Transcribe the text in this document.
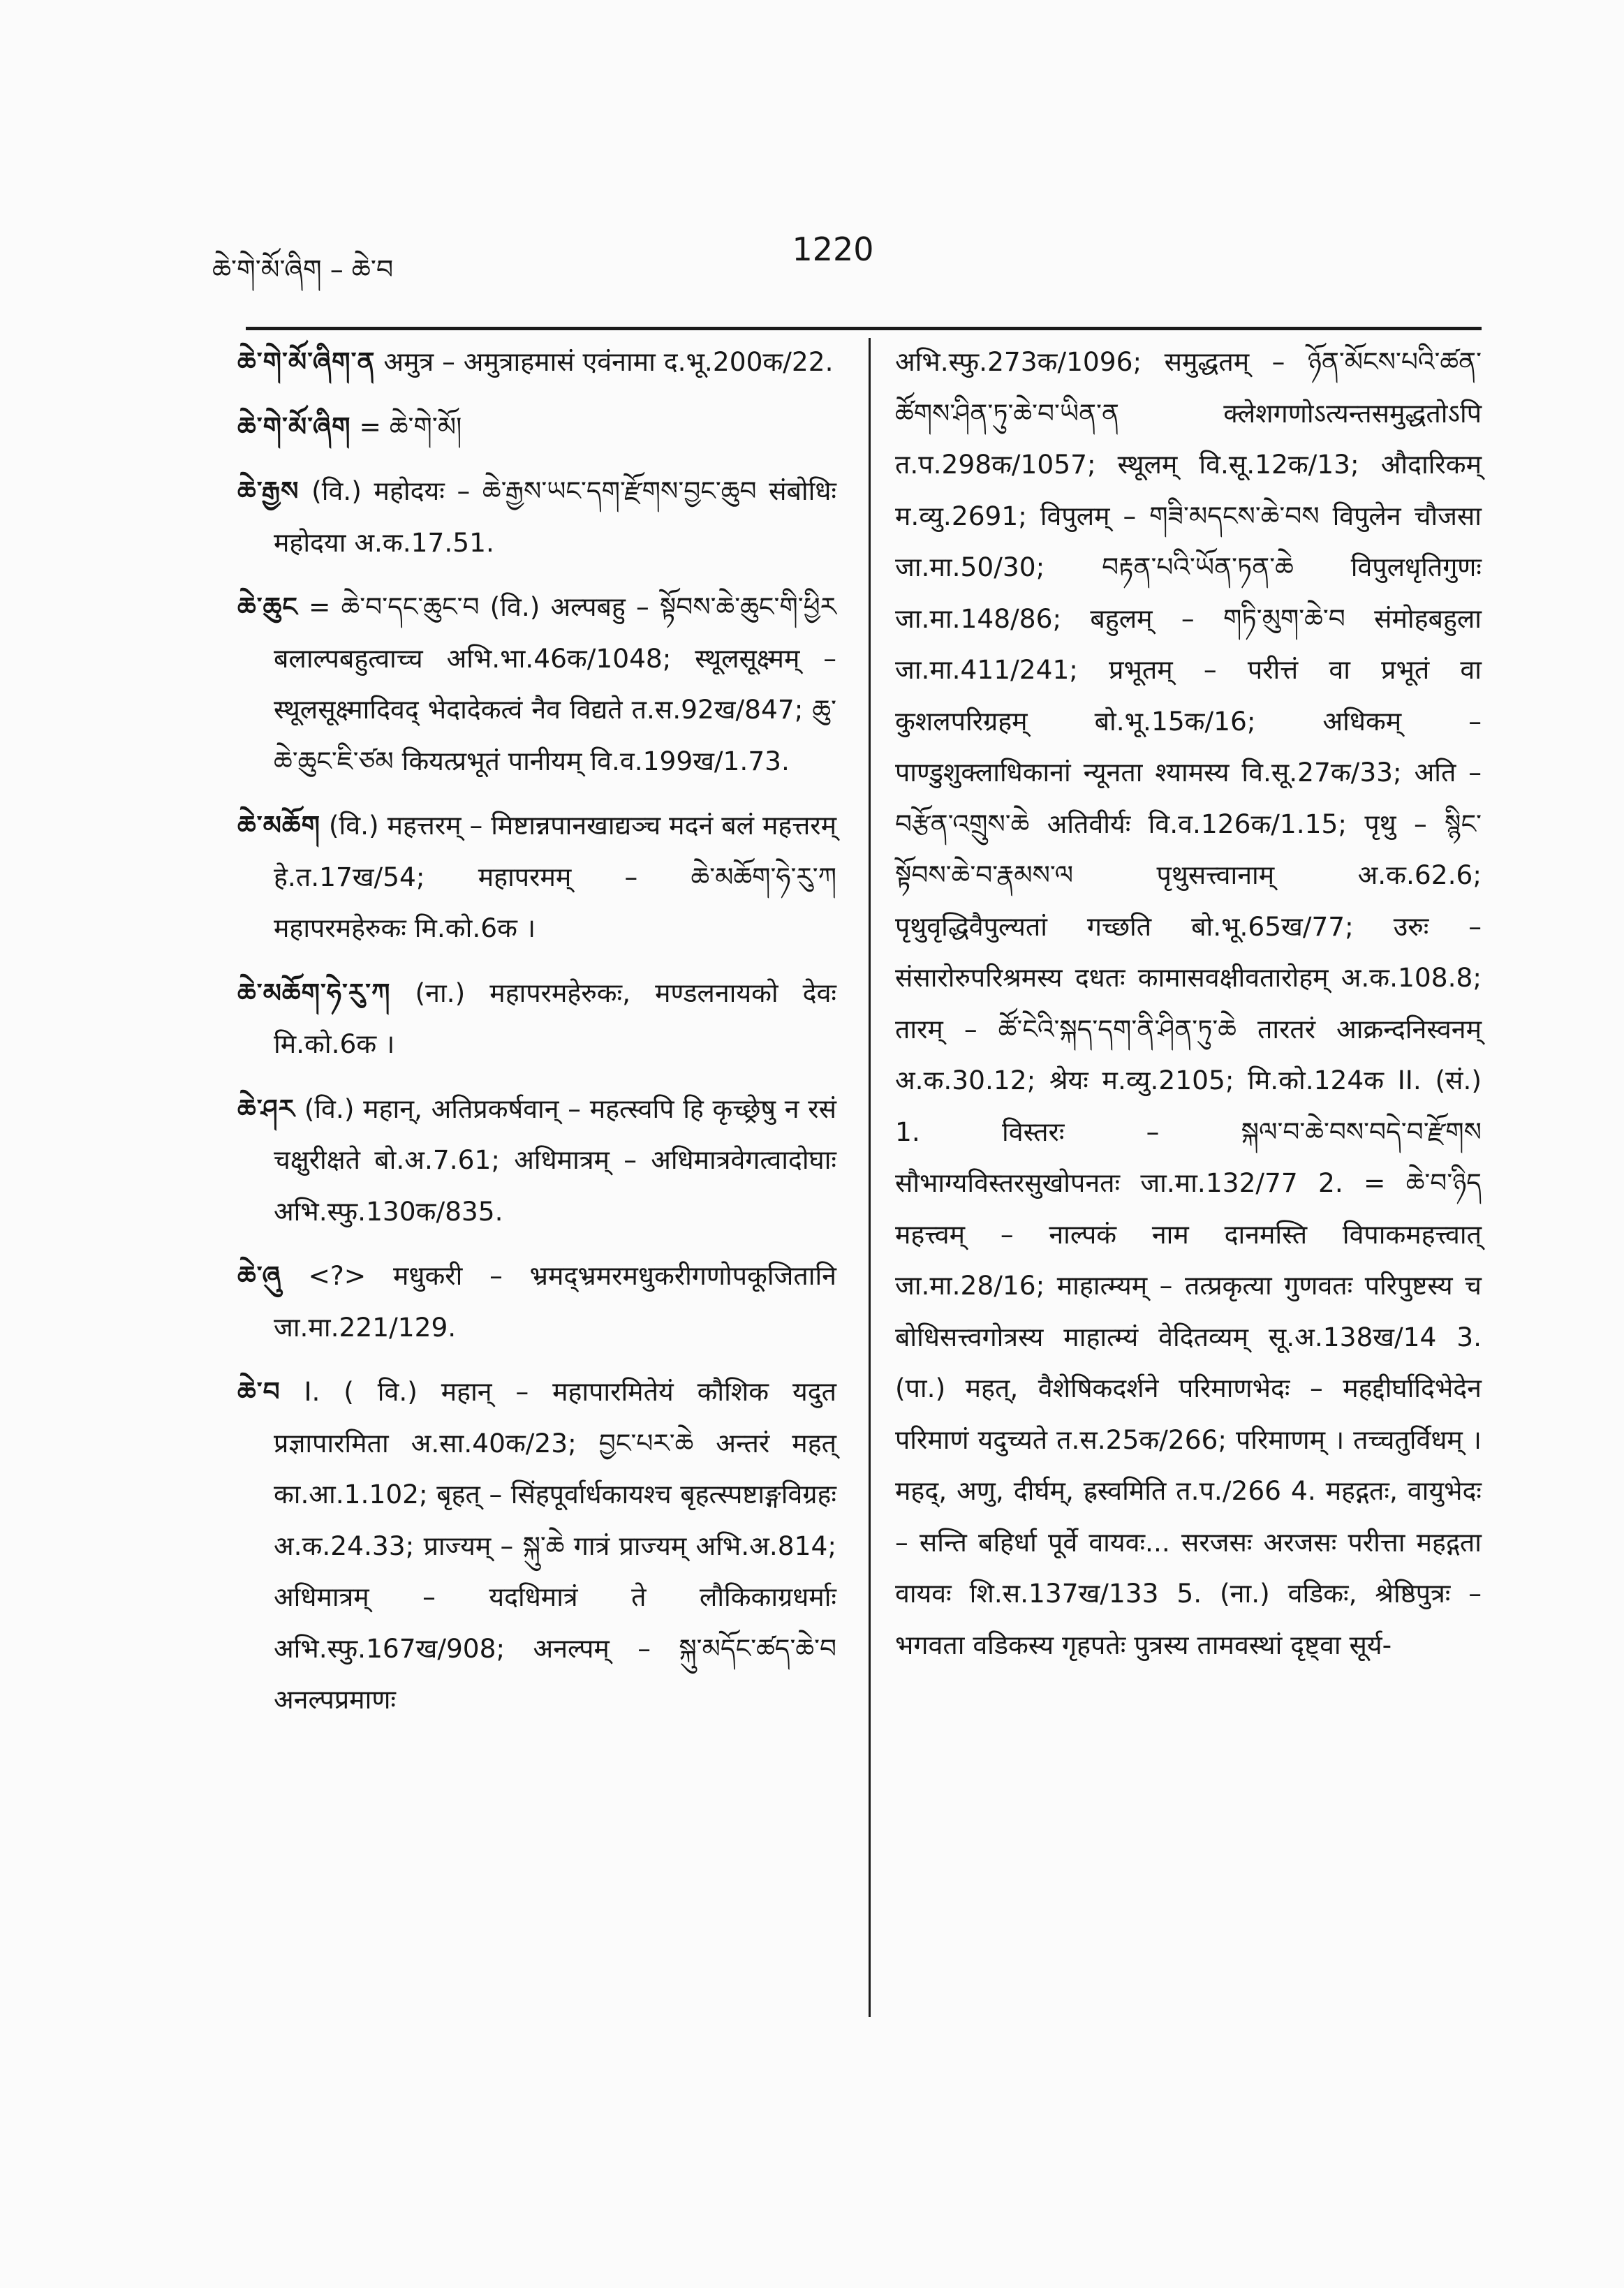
ཆེ་གེ་མོ་ཞིག – ཆེ་བ
1220

ཆེ་གེ་མོ་ཞིག་ན अमुत्र – अमुत्राहमासं एवंनामा द.भू.200क/22.

ཆེ་གེ་མོ་ཞིག = ཆེ་གེ་མོ།

ཆེ་རྒྱས (वि.) महोदयः – ཆེ་རྒྱས་ཡང་དག་རྫོགས་བྱང་ཆུབ संबोधिः महोदया अ.क.17.51.

ཆེ་ཆུང = ཆེ་བ་དང་ཆུང་བ (वि.) अल्पबहु – སྟོབས་ཆེ་ཆུང་གི་ཕྱིར बलाल्पबहुत्वाच्च अभि.भा.46क/1048; स्थूलसूक्ष्मम् – स्थूलसूक्ष्मादिवद् भेदादेकत्वं नैव विद्यते त.स.92ख/847; ཆུ་ཆེ་ཆུང་ཇི་ཙམ कियत्प्रभूतं पानीयम् वि.व.199ख/1.73.

ཆེ་མཆོག (वि.) महत्तरम् – मिष्टान्नपानखाद्यञ्च मदनं बलं महत्तरम् हे.त.17ख/54; महापरमम् – ཆེ་མཆོག་ཧེ་རུ་ཀ महापरमहेरुकः मि.को.6क ।

ཆེ་མཆོག་ཧེ་རུ་ཀ (ना.) महापरमहेरुकः, मण्डलनायको देवः मि.को.6क ।

ཆེ་ཤར (वि.) महान्, अतिप्रकर्षवान् – महत्स्वपि हि कृच्छ्रेषु न रसं चक्षुरीक्षते बो.अ.7.61; अधिमात्रम् – अधिमात्रवेगत्वादोघाः अभि.स्फु.130क/835.

ཆེ་ཞུ <?> मधुकरी – भ्रमद्भ्रमरमधुकरीगणोपकूजितानि जा.मा.221/129.

ཆེ་བ I. ( वि.) महान् – महापारमितेयं कौशिक यदुत प्रज्ञापारमिता अ.सा.40क/23; བྱང་པར་ཆེ अन्तरं महत् का.आ.1.102; बृहत् – सिंहपूर्वार्धकायश्च बृहत्स्पष्टाङ्गविग्रहः अ.क.24.33; प्राज्यम् – སྐུ་ཆེ गात्रं प्राज्यम् अभि.अ.814; अधिमात्रम् – यदधिमात्रं ते लौकिकाग्रधर्माः अभि.स्फु.167ख/908; अनल्पम् – སྐུ་མདོང་ཚད་ཆེ་བ अनल्पप्रमाणः

अभि.स्फु.273क/1096; समुद्धतम् – ཉོན་མོངས་པའི་ཚན་ཚོགས་ཤིན་ཏུ་ཆེ་བ་ཡིན་ན क्लेशगणोऽत्यन्तसमुद्धतोऽपि त.प.298क/1057; स्थूलम् वि.सू.12क/13; औदारिकम् म.व्यु.2691; विपुलम् – གཟི་མདངས་ཆེ་བས विपुलेन चौजसा जा.मा.50/30; བརྟན་པའི་ཡོན་ཏན་ཆེ विपुलधृतिगुणः जा.मा.148/86; बहुलम् – གཏི་མུག་ཆེ་བ संमोहबहुला जा.मा.411/241; प्रभूतम् – परीत्तं वा प्रभूतं वा कुशलपरिग्रहम् बो.भू.15क/16; अधिकम् – पाण्डुशुक्लाधिकानां न्यूनता श्यामस्य वि.सू.27क/33; अति – བརྩོན་འགྲུས་ཆེ अतिवीर्यः वि.व.126क/1.15; पृथु – སྙིང་སྟོབས་ཆེ་བ་རྣམས་ལ पृथुसत्त्वानाम् अ.क.62.6; पृथुवृद्धिवैपुल्यतां गच्छति बो.भू.65ख/77; उरुः – संसारोरुपरिश्रमस्य दधतः कामासवक्षीवतारोहम् अ.क.108.8; तारम् – ཚོ་ངེའི་སྐད་དག་ནི་ཤིན་ཏུ་ཆེ तारतरं आक्रन्दनिस्वनम् अ.क.30.12; श्रेयः म.व्यु.2105; मि.को.124क II. (सं.) 1. विस्तरः – སྐལ་བ་ཆེ་བས་བདེ་བ་རྫོགས सौभाग्यविस्तरसुखोपनतः जा.मा.132/77 2. = ཆེ་བ་ཉིད महत्त्वम् – नाल्पकं नाम दानमस्ति विपाकमहत्त्वात् जा.मा.28/16; माहात्म्यम् – तत्प्रकृत्या गुणवतः परिपुष्टस्य च बोधिसत्त्वगोत्रस्य माहात्म्यं वेदितव्यम् सू.अ.138ख/14 3. (पा.) महत्, वैशेषिकदर्शने परिमाणभेदः – महद्दीर्घादिभेदेन परिमाणं यदुच्यते त.स.25क/266; परिमाणम् । तच्चतुर्विधम् । महद्, अणु, दीर्घम्, ह्रस्वमिति त.प./266 4. महद्गतः, वायुभेदः – सन्ति बहिर्धा पूर्वे वायवः... सरजसः अरजसः परीत्ता महद्गता वायवः शि.स.137ख/133 5. (ना.) वडिकः, श्रेष्ठिपुत्रः – भगवता वडिकस्य गृहपतेः पुत्रस्य तामवस्थां दृष्ट्वा सूर्य-
